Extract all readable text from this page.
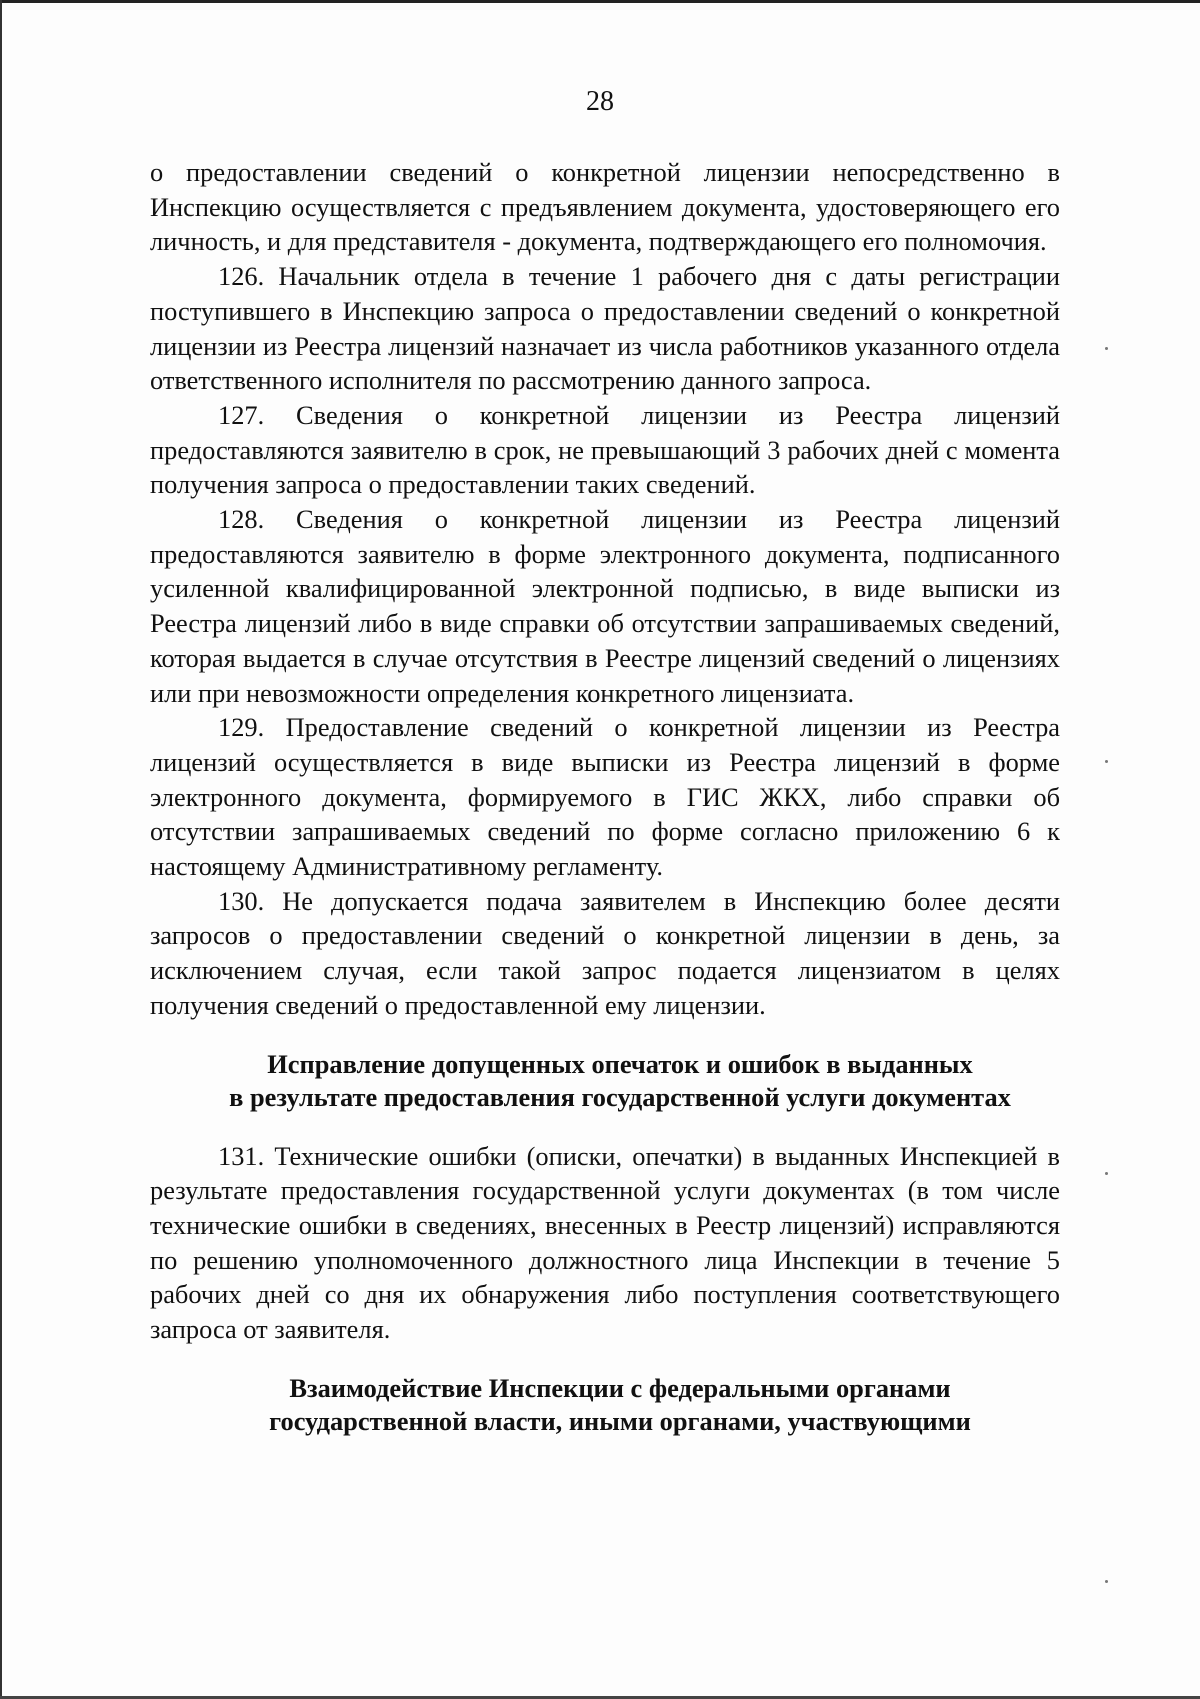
28

о предоставлении сведений о конкретной лицензии непосредственно в Инспекцию осуществляется с предъявлением документа, удостоверяющего его личность, и для представителя - документа, подтверждающего его полномочия.

126. Начальник отдела в течение 1 рабочего дня с даты регистрации поступившего в Инспекцию запроса о предоставлении сведений о конкретной лицензии из Реестра лицензий назначает из числа работников указанного отдела ответственного исполнителя по рассмотрению данного запроса.

127. Сведения о конкретной лицензии из Реестра лицензий предоставляются заявителю в срок, не превышающий 3 рабочих дней с момента получения запроса о предоставлении таких сведений.

128. Сведения о конкретной лицензии из Реестра лицензий предоставляются заявителю в форме электронного документа, подписанного усиленной квалифицированной электронной подписью, в виде выписки из Реестра лицензий либо в виде справки об отсутствии запрашиваемых сведений, которая выдается в случае отсутствия в Реестре лицензий сведений о лицензиях или при невозможности определения конкретного лицензиата.

129. Предоставление сведений о конкретной лицензии из Реестра лицензий осуществляется в виде выписки из Реестра лицензий в форме электронного документа, формируемого в ГИС ЖКХ, либо справки об отсутствии запрашиваемых сведений по форме согласно приложению 6 к настоящему Административному регламенту.

130. Не допускается подача заявителем в Инспекцию более десяти запросов о предоставлении сведений о конкретной лицензии в день, за исключением случая, если такой запрос подается лицензиатом в целях получения сведений о предоставленной ему лицензии.

Исправление допущенных опечаток и ошибок в выданных
в результате предоставления государственной услуги документах

131. Технические ошибки (описки, опечатки) в выданных Инспекцией в результате предоставления государственной услуги документах (в том числе технические ошибки в сведениях, внесенных в Реестр лицензий) исправляются по решению уполномоченного должностного лица Инспекции в течение 5 рабочих дней со дня их обнаружения либо поступления соответствующего запроса от заявителя.

Взаимодействие Инспекции с федеральными органами
государственной власти, иными органами, участвующими
